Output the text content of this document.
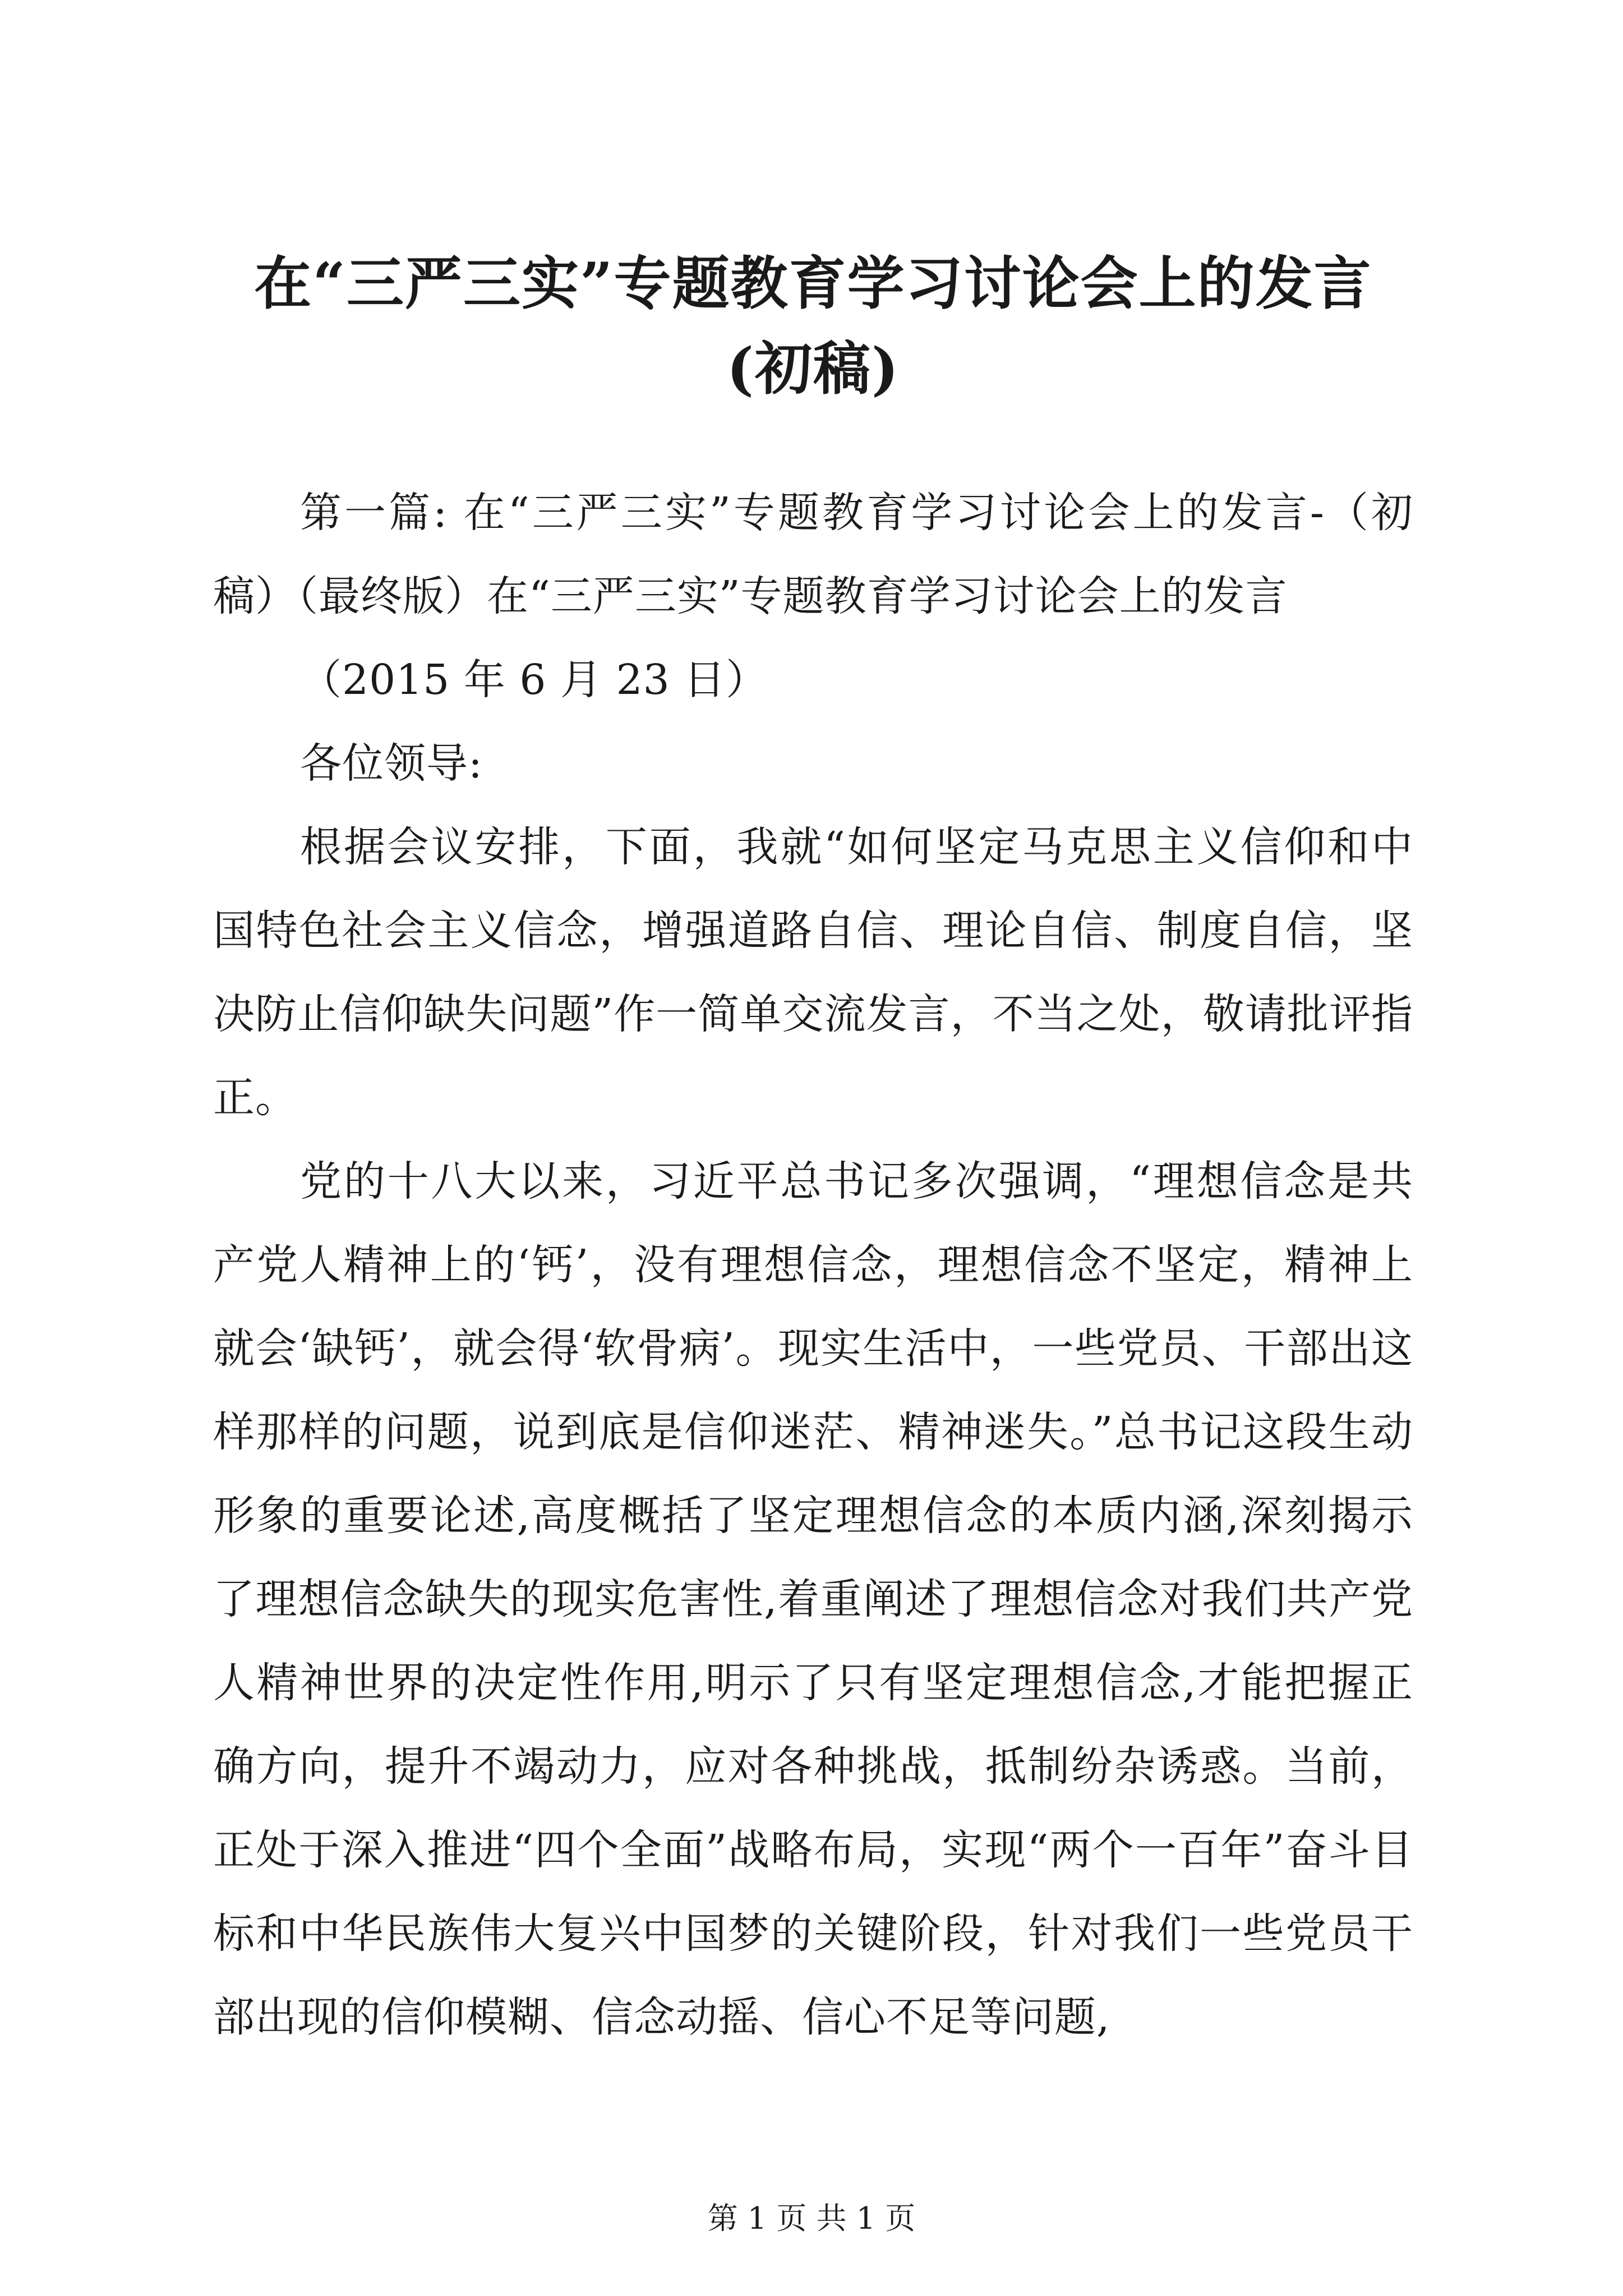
在“三严三实”专题教育学习讨论会上的发言
(初稿)

第一篇: 在“三严三实”专题教育学习讨论会上的发言-（初稿）（最终版）在“三严三实”专题教育学习讨论会上的发言

（2015 年 6 月 23 日）

各位领导:

根据会议安排，下面，我就“如何坚定马克思主义信仰和中国特色社会主义信念，增强道路自信、理论自信、制度自信，坚决防止信仰缺失问题”作一简单交流发言，不当之处，敬请批评指正。

党的十八大以来，习近平总书记多次强调，“理想信念是共产党人精神上的‘钙’，没有理想信念，理想信念不坚定，精神上就会‘缺钙’，就会得‘软骨病’。现实生活中，一些党员、干部出这样那样的问题，说到底是信仰迷茫、精神迷失。”总书记这段生动形象的重要论述,高度概括了坚定理想信念的本质内涵,深刻揭示了理想信念缺失的现实危害性,着重阐述了理想信念对我们共产党人精神世界的决定性作用,明示了只有坚定理想信念,才能把握正确方向，提升不竭动力，应对各种挑战，抵制纷杂诱惑。当前，正处于深入推进“四个全面”战略布局，实现“两个一百年”奋斗目标和中华民族伟大复兴中国梦的关键阶段，针对我们一些党员干部出现的信仰模糊、信念动摇、信心不足等问题,

第 1 页 共 1 页
